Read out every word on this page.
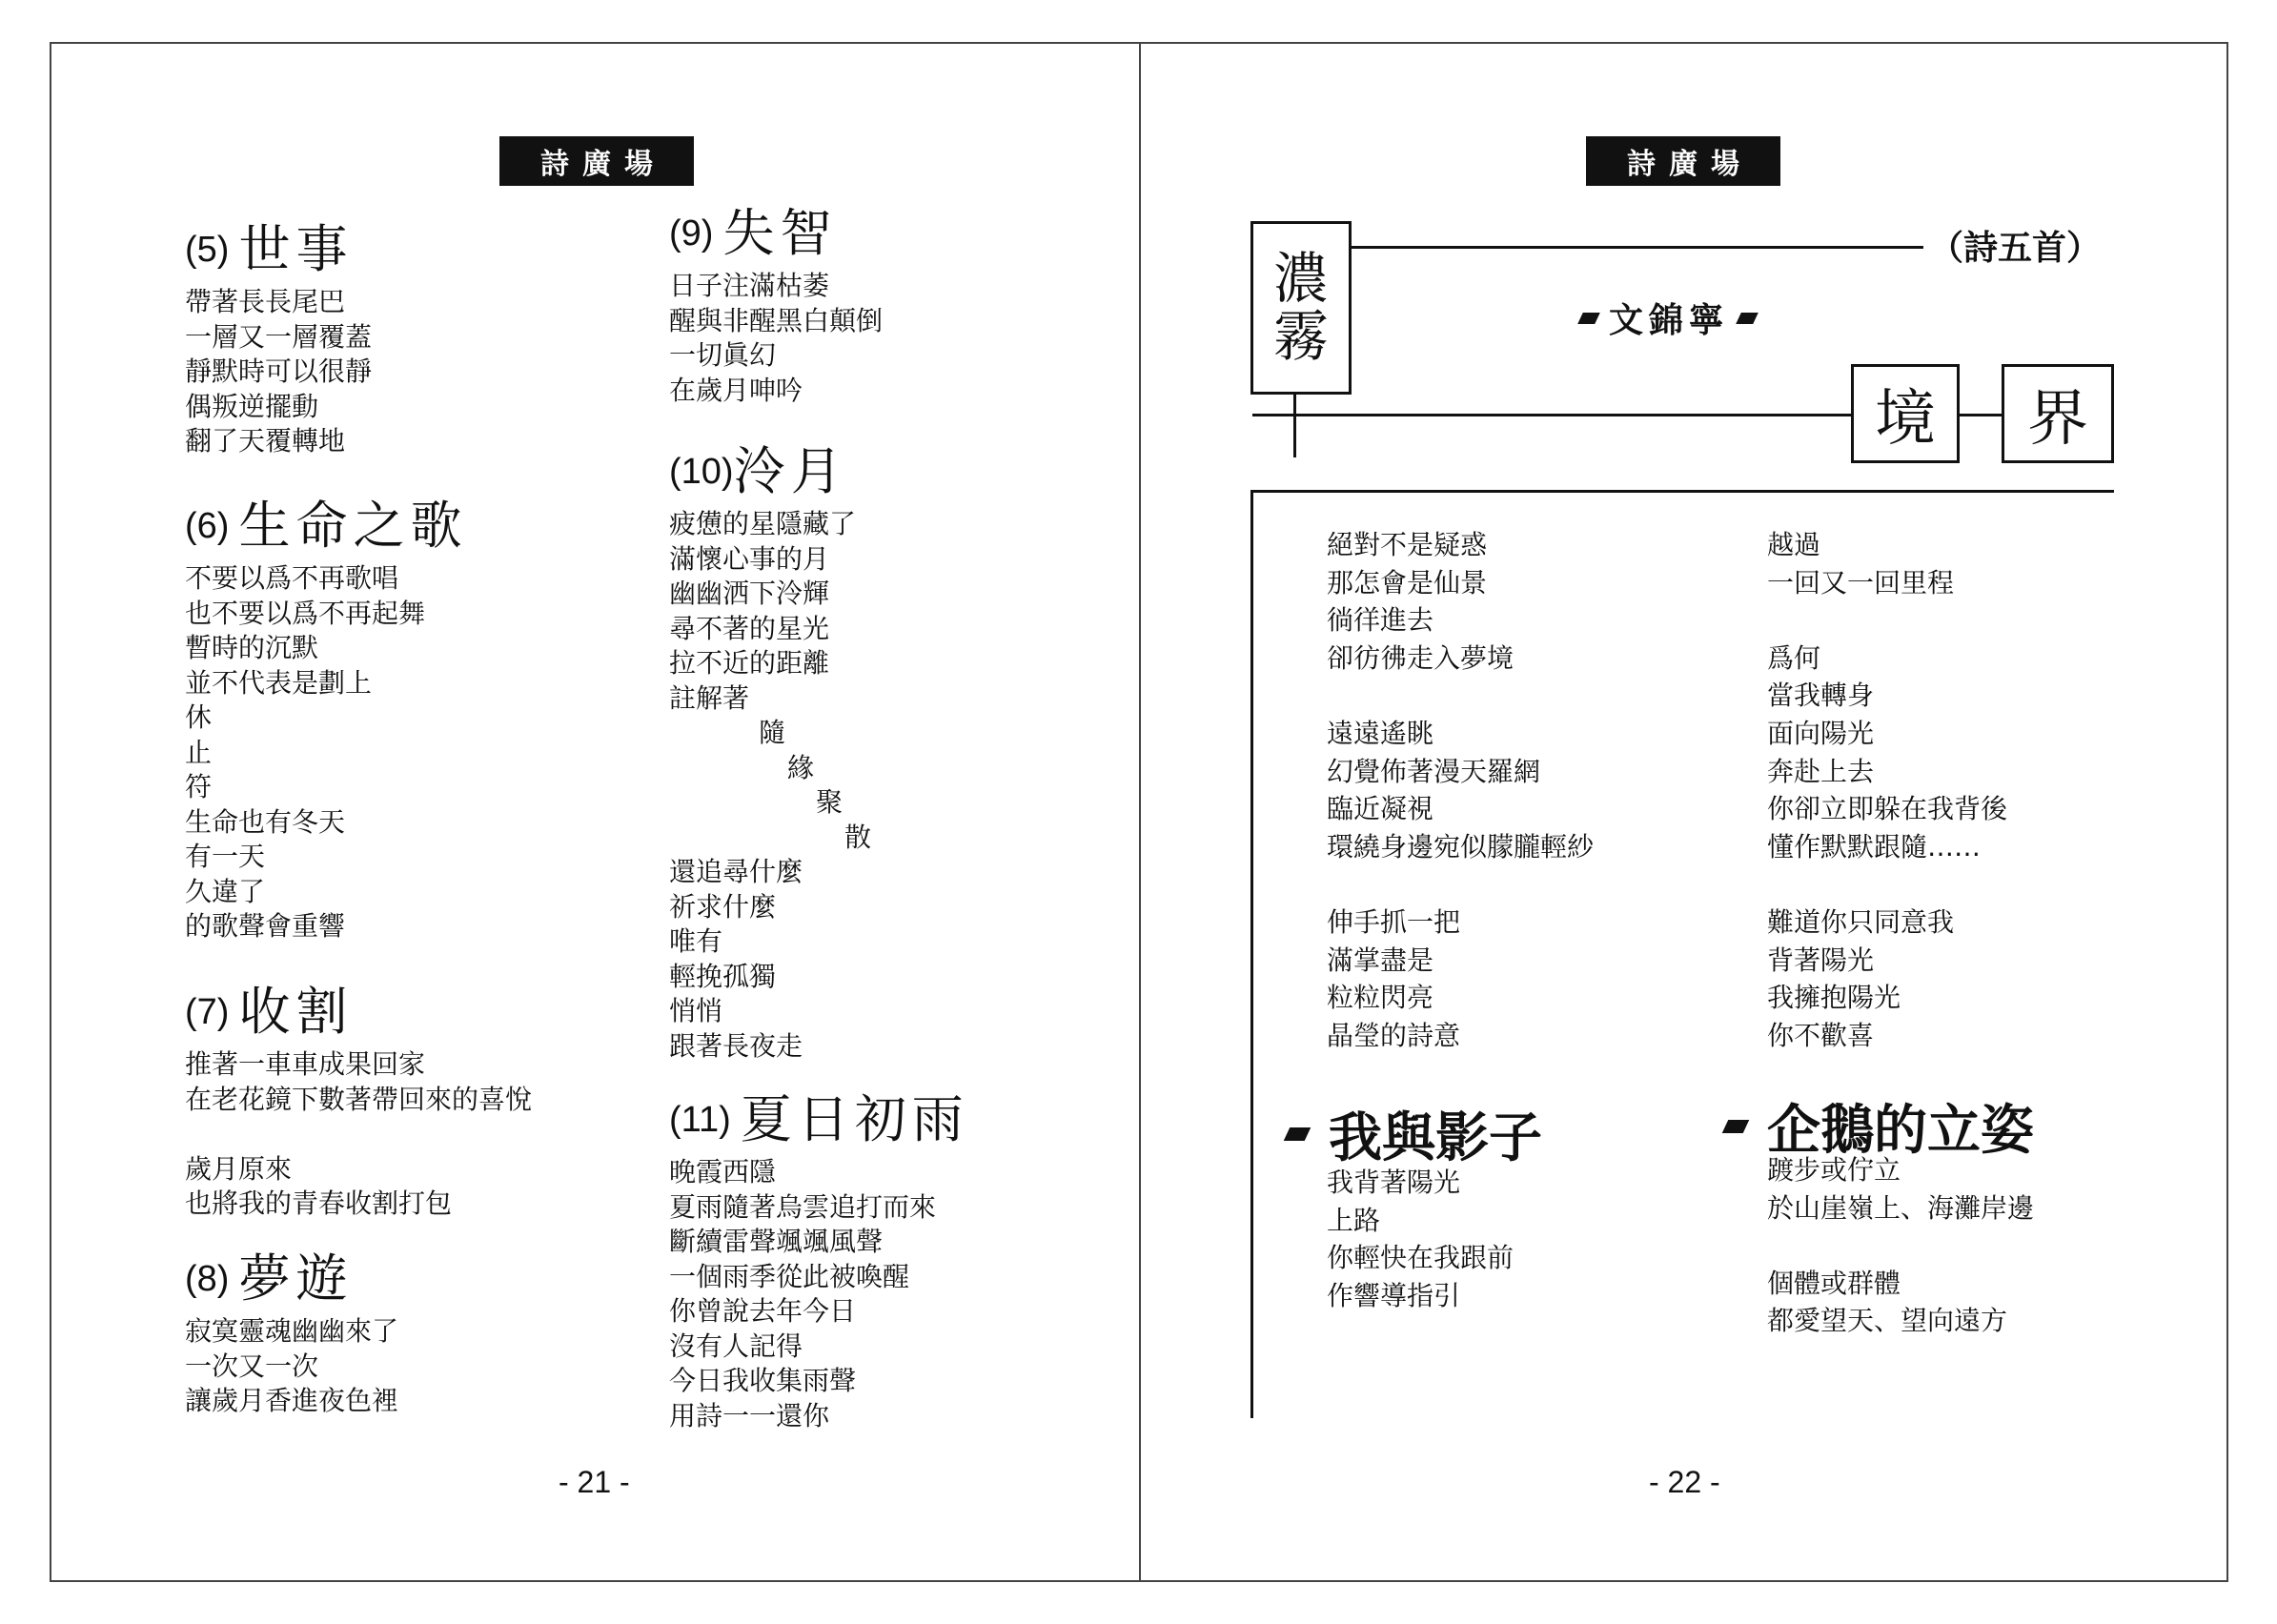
詩廣場
(5) 世事
帶著長長尾巴
一層又一層覆蓋
靜默時可以很靜
偶叛逆擺動
翻了天覆轉地
(6) 生命之歌
不要以爲不再歌唱
也不要以爲不再起舞
暫時的沉默
並不代表是劃上
休
止
符
生命也有冬天
有一天
久違了
的歌聲會重響
(7) 收割
推著一車車成果回家
在老花鏡下數著帶回來的喜悅
歲月原來
也將我的青春收割打包
(8) 夢遊
寂寞靈魂幽幽來了
一次又一次
讓歲月香進夜色裡
(9) 失智
日子注滿枯萎
醒與非醒黑白顛倒
一切眞幻
在歲月呻吟
(10)泠月
疲憊的星隱藏了
滿懷心事的月
幽幽洒下泠輝
尋不著的星光
拉不近的距離
註解著
隨
緣
聚
散
還追尋什麼
祈求什麼
唯有
輕挽孤獨
悄悄
跟著長夜走
(11) 夏日初雨
晚霞西隱
夏雨隨著烏雲追打而來
斷續雷聲颯颯風聲
一個雨季從此被喚醒
你曾說去年今日
沒有人記得
今日我收集雨聲
用詩一一還你
- 21 -
詩廣場
濃
霧
境	界
（詩五首）
文錦寧
絕對不是疑惑
那怎會是仙景
徜徉進去
卻彷彿走入夢境
遠遠遙眺
幻覺佈著漫天羅網
臨近凝視
環繞身邊宛似朦朧輕紗
伸手抓一把
滿掌盡是
粒粒閃亮
晶瑩的詩意
越過
一回又一回里程
爲何
當我轉身
面向陽光
奔赴上去
你卻立即躲在我背後
懂作默默跟隨……
難道你只同意我
背著陽光
我擁抱陽光
你不歡喜
我與影子
我背著陽光
上路
你輕快在我跟前
作響導指引
企鵝的立姿
踱步或佇立
於山崖嶺上、海灘岸邊
個體或群體
都愛望天、望向遠方
- 22 -
